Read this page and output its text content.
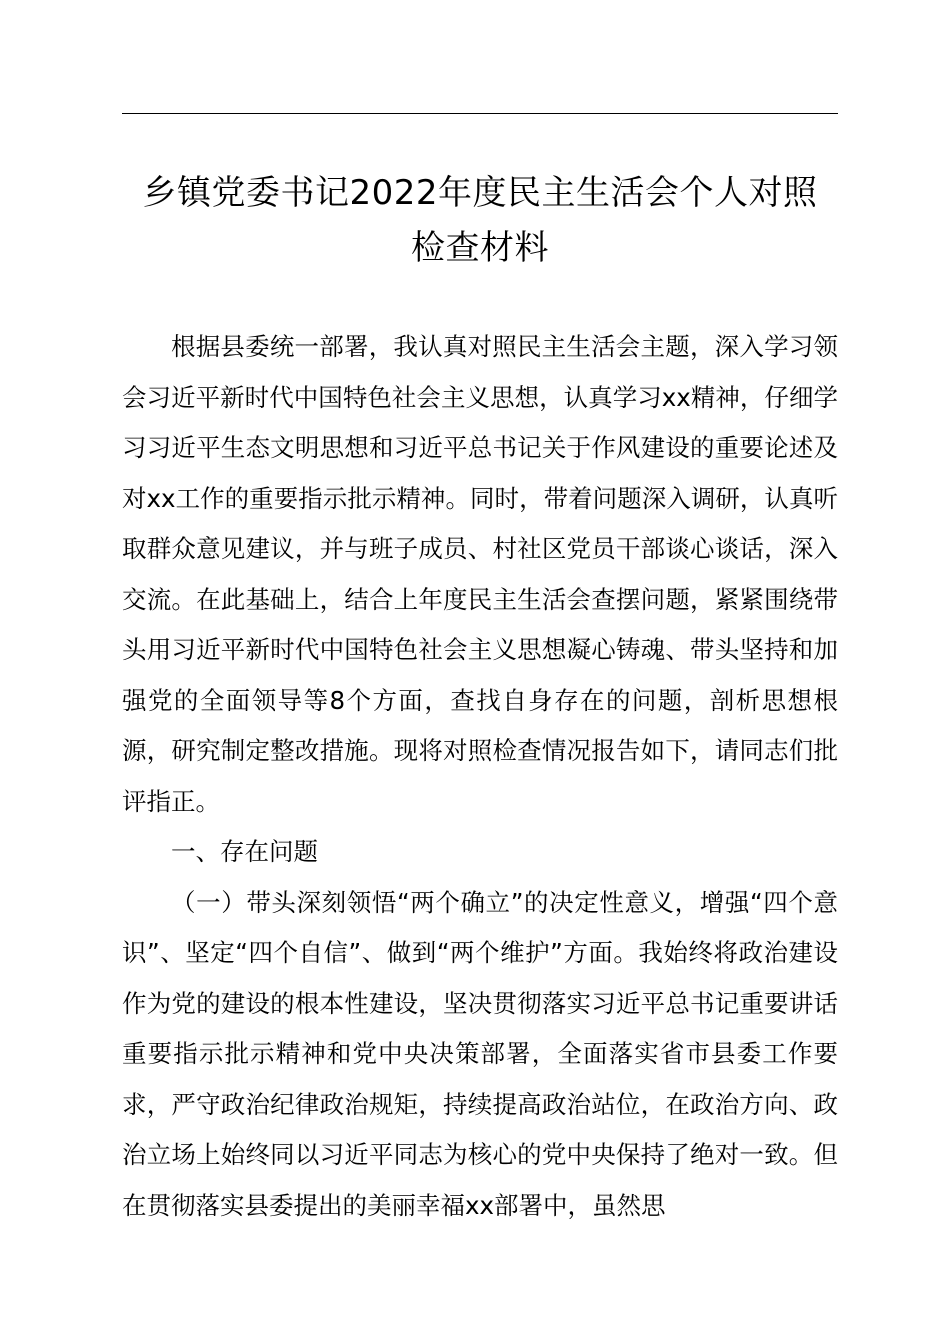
乡镇党委书记2022年度民主生活会个人对照
检查材料

根据县委统一部署，我认真对照民主生活会主题，深入学习领会习近平新时代中国特色社会主义思想，认真学习xx精神，仔细学习习近平生态文明思想和习近平总书记关于作风建设的重要论述及对xx工作的重要指示批示精神。同时，带着问题深入调研，认真听取群众意见建议，并与班子成员、村社区党员干部谈心谈话，深入交流。在此基础上，结合上年度民主生活会查摆问题，紧紧围绕带头用习近平新时代中国特色社会主义思想凝心铸魂、带头坚持和加强党的全面领导等8个方面，查找自身存在的问题，剖析思想根源，研究制定整改措施。现将对照检查情况报告如下，请同志们批评指正。

一、存在问题

（一）带头深刻领悟“两个确立”的决定性意义，增强“四个意识”、坚定“四个自信”、做到“两个维护”方面。我始终将政治建设作为党的建设的根本性建设，坚决贯彻落实习近平总书记重要讲话重要指示批示精神和党中央决策部署，全面落实省市县委工作要求，严守政治纪律政治规矩，持续提高政治站位，在政治方向、政治立场上始终同以习近平同志为核心的党中央保持了绝对一致。但在贯彻落实县委提出的美丽幸福xx部署中，虽然思
